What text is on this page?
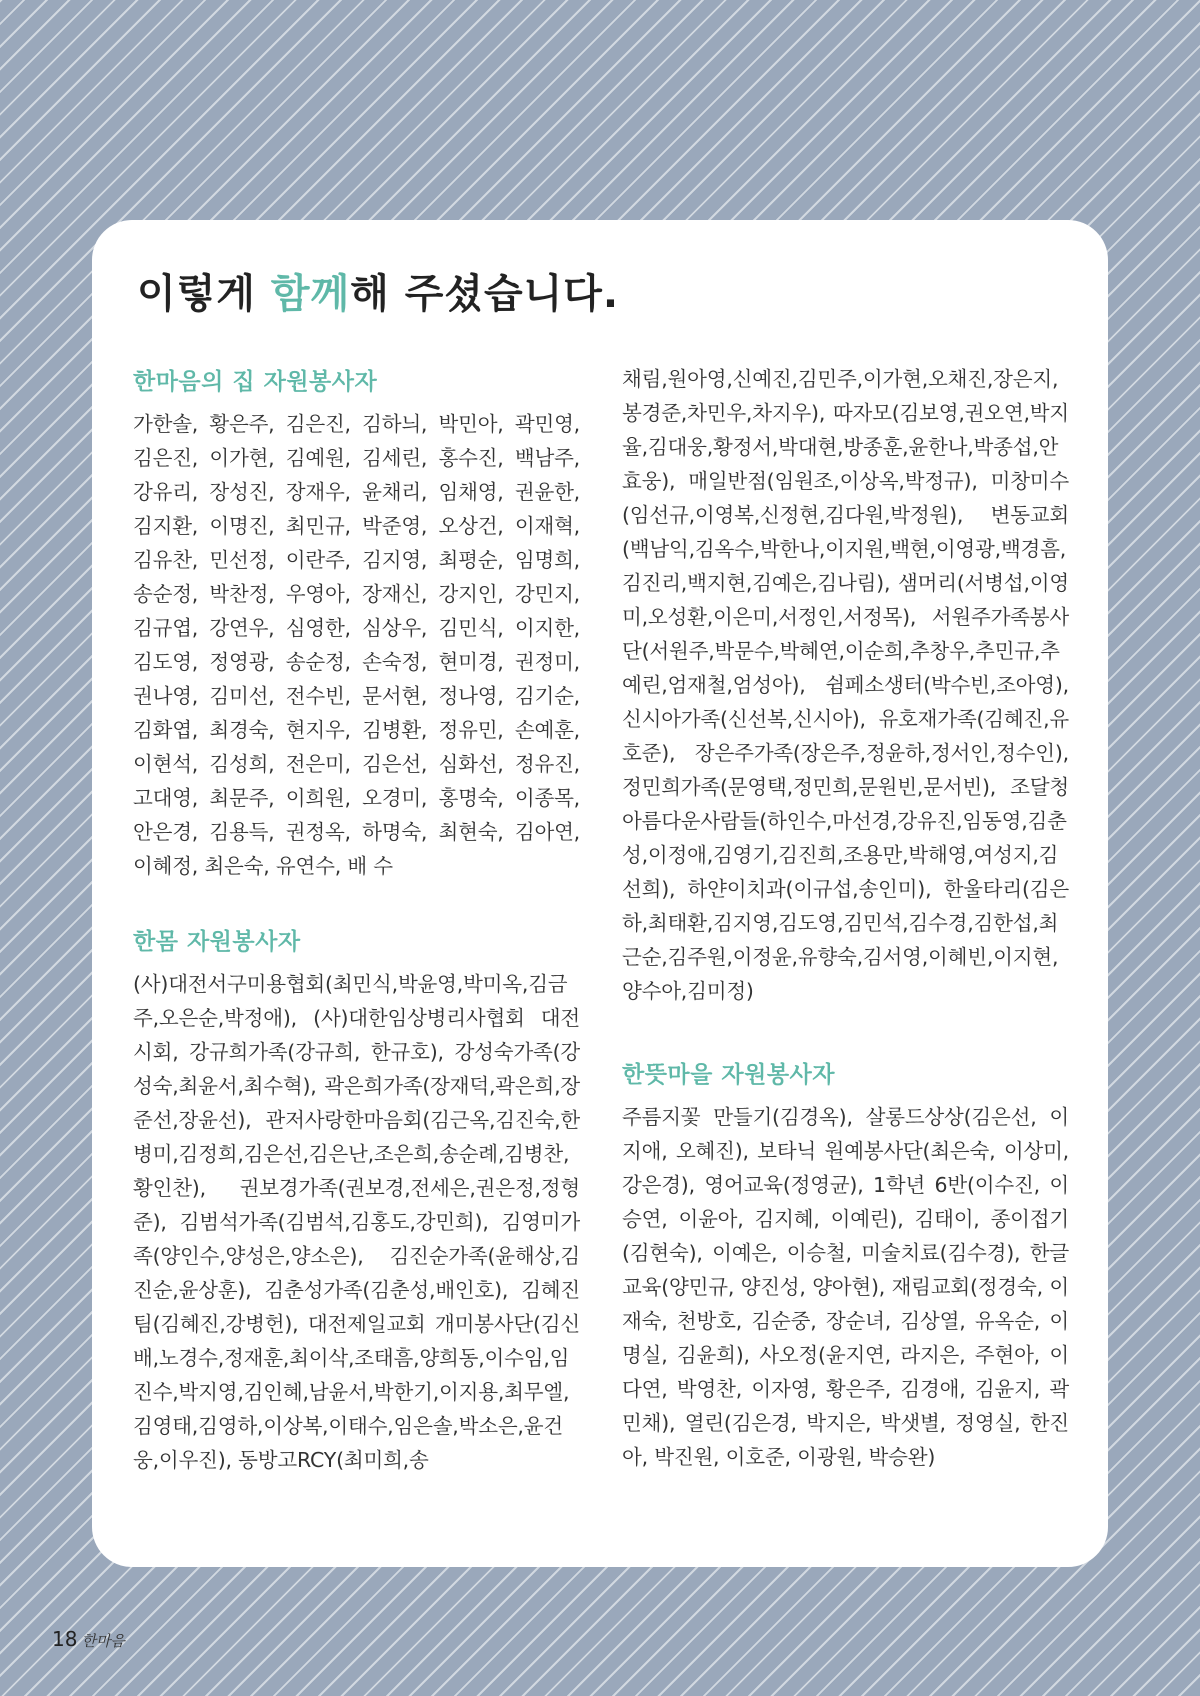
이렇게 함께해 주셨습니다.
한마음의 집 자원봉사자

가한솔, 황은주, 김은진, 김하늬, 박민아, 곽민영, 김은진, 이가현, 김예원, 김세린, 홍수진, 백남주, 강유리, 장성진, 장재우, 윤채리, 임채영, 권윤한, 김지환, 이명진, 최민규, 박준영, 오상건, 이재혁, 김유찬, 민선정, 이란주, 김지영, 최평순, 임명희, 송순정, 박찬정, 우영아, 장재신, 강지인, 강민지, 김규엽, 강연우, 심영한, 심상우, 김민식, 이지한, 김도영, 정영광, 송순정, 손숙정, 현미경, 권정미, 권나영, 김미선, 전수빈, 문서현, 정나영, 김기순, 김화엽, 최경숙, 현지우, 김병환, 정유민, 손예훈, 이현석, 김성희, 전은미, 김은선, 심화선, 정유진, 고대영, 최문주, 이희원, 오경미, 홍명숙, 이종목, 안은경, 김용득, 권정옥, 하명숙, 최현숙, 김아연, 이혜정, 최은숙, 유연수, 배 수

한몸 자원봉사자

(사)대전서구미용협회(최민식,박윤영,박미옥,김금주,오은순,박정애), (사)대한임상병리사협회 대전시회, 강규희가족(강규희, 한규호), 강성숙가족(강성숙,최윤서,최수혁), 곽은희가족(장재덕,곽은희,장준선,장윤선), 관저사랑한마음회(김근옥,김진숙,한병미,김정희,김은선,김은난,조은희,송순례,김병찬,황인찬), 권보경가족(권보경,전세은,권은정,정형준), 김범석가족(김범석,김홍도,강민희), 김영미가족(양인수,양성은,양소은), 김진순가족(윤해상,김진순,윤상훈), 김춘성가족(김춘성,배인호), 김혜진팀(김혜진,강병헌), 대전제일교회 개미봉사단(김신배,노경수,정재훈,최이삭,조태흠,양희동,이수임,임진수,박지영,김인혜,남윤서,박한기,이지용,최무엘,김영태,김영하,이상복,이태수,임은솔,박소은,윤건웅,이우진), 동방고RCY(최미희,송

채림,원아영,신예진,김민주,이가현,오채진,장은지,봉경준,차민우,차지우), 따자모(김보영,권오연,박지율,김대웅,황정서,박대현,방종훈,윤한나,박종섭,안효웅), 매일반점(임원조,이상옥,박정규), 미창미수(임선규,이영복,신정현,김다원,박정원), 변동교회(백남익,김옥수,박한나,이지원,백현,이영광,백경흠,김진리,백지현,김예은,김나림), 샘머리(서병섭,이영미,오성환,이은미,서정인,서정목), 서원주가족봉사단(서원주,박문수,박혜연,이순희,추창우,추민규,추예린,엄재철,엄성아), 쉼페소생터(박수빈,조아영), 신시아가족(신선복,신시아), 유호재가족(김혜진,유호준), 장은주가족(장은주,정윤하,정서인,정수인), 정민희가족(문영택,정민희,문원빈,문서빈), 조달청 아름다운사람들(하인수,마선경,강유진,임동영,김춘성,이정애,김영기,김진희,조용만,박해영,여성지,김선희), 하얀이치과(이규섭,송인미), 한울타리(김은하,최태환,김지영,김도영,김민석,김수경,김한섭,최근순,김주원,이정윤,유향숙,김서영,이혜빈,이지현,양수아,김미정)

한뜻마을 자원봉사자

주름지꽃 만들기(김경옥), 살롱드상상(김은선, 이지애, 오혜진), 보타닉 원예봉사단(최은숙, 이상미, 강은경), 영어교육(정영균), 1학년 6반(이수진, 이승연, 이윤아, 김지혜, 이예린), 김태이, 종이접기(김현숙), 이예은, 이승철, 미술치료(김수경), 한글교육(양민규, 양진성, 양아현), 재림교회(정경숙, 이재숙, 천방호, 김순중, 장순녀, 김상열, 유옥순, 이명실, 김윤희), 사오정(윤지연, 라지은, 주현아, 이다연, 박영찬, 이자영, 황은주, 김경애, 김윤지, 곽민채), 열린(김은경, 박지은, 박샛별, 정영실, 한진아, 박진원, 이호준, 이광원, 박승완)

18 한마음
